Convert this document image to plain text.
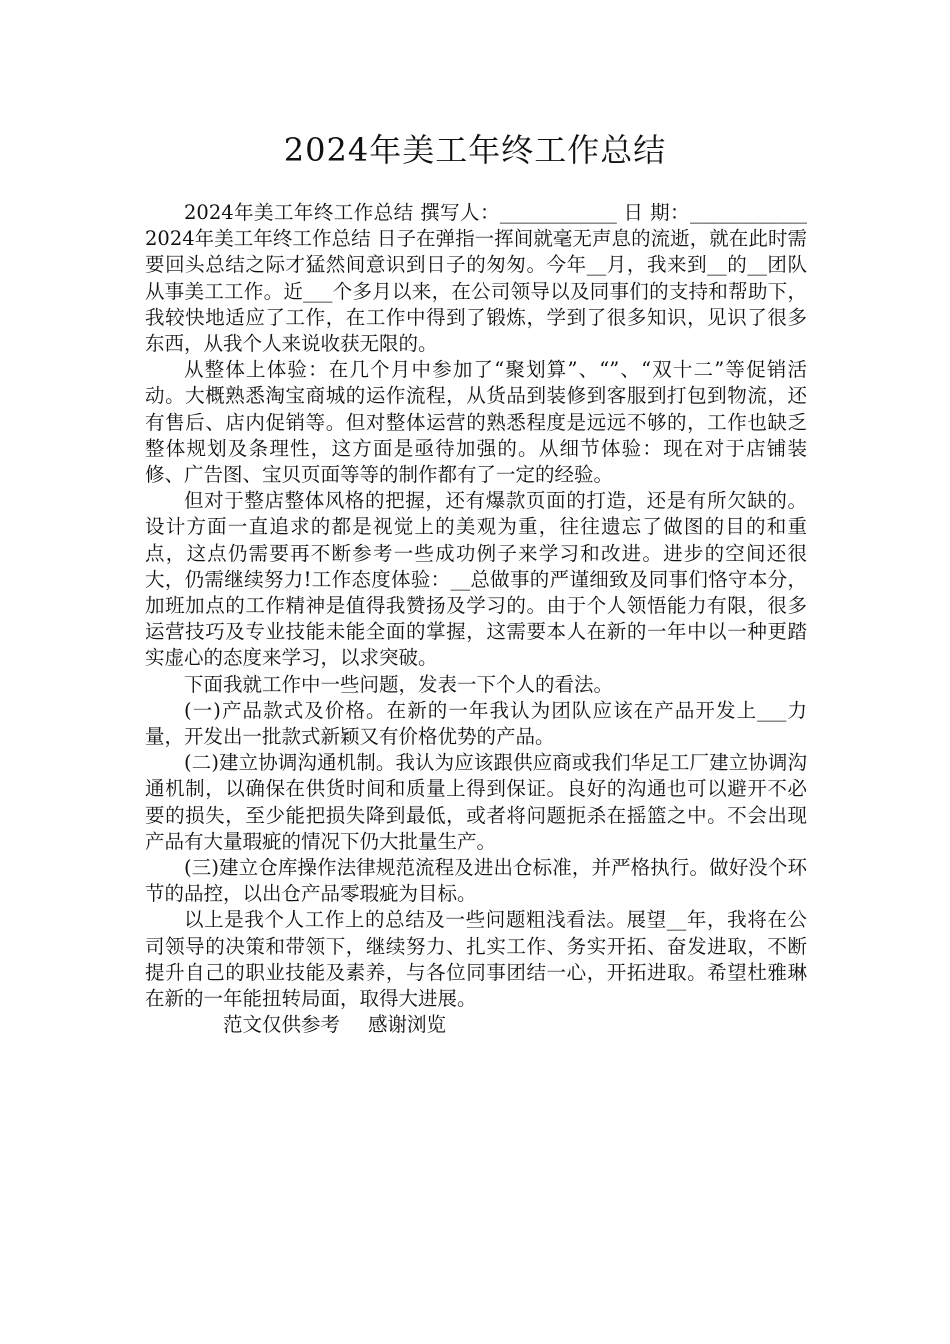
2024年美工年终工作总结

2024年美工年终工作总结 撰写人：____________ 日 期：____________ 2024年美工年终工作总结 日子在弹指一挥间就毫无声息的流逝，就在此时需要回头总结之际才猛然间意识到日子的匆匆。今年__月，我来到__的__团队从事美工工作。近___个多月以来，在公司领导以及同事们的支持和帮助下，我较快地适应了工作，在工作中得到了锻炼，学到了很多知识，见识了很多东西，从我个人来说收获无限的。

从整体上体验：在几个月中参加了“聚划算”、“”、“双十二”等促销活动。大概熟悉淘宝商城的运作流程，从货品到装修到客服到打包到物流，还有售后、店内促销等。但对整体运营的熟悉程度是远远不够的，工作也缺乏整体规划及条理性，这方面是亟待加强的。从细节体验：现在对于店铺装修、广告图、宝贝页面等等的制作都有了一定的经验。

但对于整店整体风格的把握，还有爆款页面的打造，还是有所欠缺的。设计方面一直追求的都是视觉上的美观为重，往往遗忘了做图的目的和重点，这点仍需要再不断参考一些成功例子来学习和改进。进步的空间还很大，仍需继续努力!工作态度体验：__总做事的严谨细致及同事们恪守本分，加班加点的工作精神是值得我赞扬及学习的。由于个人领悟能力有限，很多运营技巧及专业技能未能全面的掌握，这需要本人在新的一年中以一种更踏实虚心的态度来学习，以求突破。

下面我就工作中一些问题，发表一下个人的看法。

(一)产品款式及价格。在新的一年我认为团队应该在产品开发上___力量，开发出一批款式新颖又有价格优势的产品。

(二)建立协调沟通机制。我认为应该跟供应商或我们华足工厂建立协调沟通机制，以确保在供货时间和质量上得到保证。良好的沟通也可以避开不必要的损失，至少能把损失降到最低，或者将问题扼杀在摇篮之中。不会出现产品有大量瑕疵的情况下仍大批量生产。

(三)建立仓库操作法律规范流程及进出仓标准，并严格执行。做好没个环节的品控，以出仓产品零瑕疵为目标。

以上是我个人工作上的总结及一些问题粗浅看法。展望__年，我将在公司领导的决策和带领下，继续努力、扎实工作、务实开拓、奋发进取，不断提升自己的职业技能及素养，与各位同事团结一心，开拓进取。希望杜雅琳在新的一年能扭转局面，取得大进展。

范文仅供参考 感谢浏览
